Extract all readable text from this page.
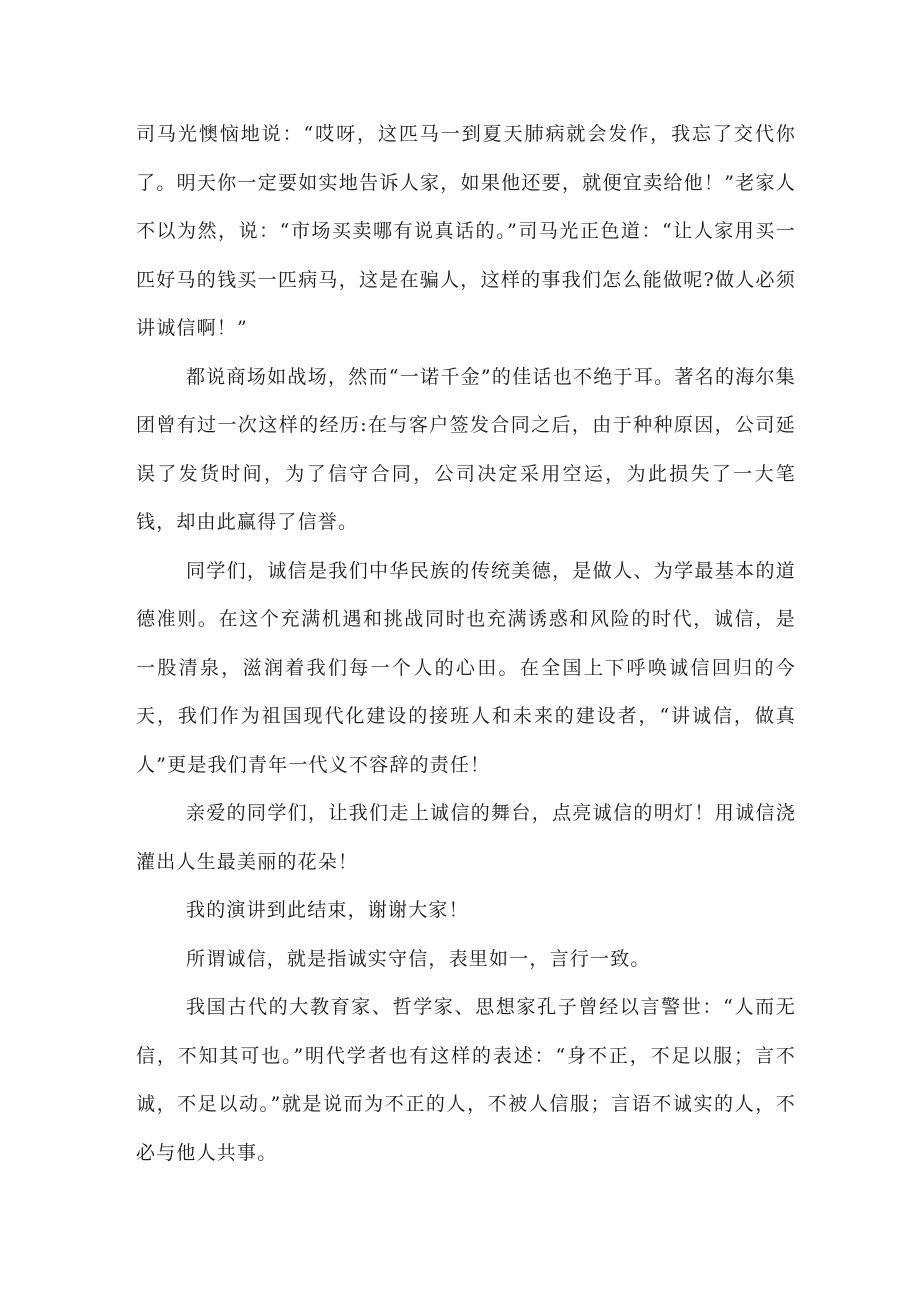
司马光懊恼地说：“哎呀，这匹马一到夏天肺病就会发作，我忘了交代你了。明天你一定要如实地告诉人家，如果他还要，就便宜卖给他！”老家人不以为然，说：“市场买卖哪有说真话的。”司马光正色道：“让人家用买一匹好马的钱买一匹病马，这是在骗人，这样的事我们怎么能做呢?做人必须讲诚信啊！”

都说商场如战场，然而“一诺千金”的佳话也不绝于耳。著名的海尔集团曾有过一次这样的经历:在与客户签发合同之后，由于种种原因，公司延误了发货时间，为了信守合同，公司决定采用空运，为此损失了一大笔钱，却由此赢得了信誉。

同学们，诚信是我们中华民族的传统美德，是做人、为学最基本的道德准则。在这个充满机遇和挑战同时也充满诱惑和风险的时代，诚信，是一股清泉，滋润着我们每一个人的心田。在全国上下呼唤诚信回归的今天，我们作为祖国现代化建设的接班人和未来的建设者，“讲诚信，做真人”更是我们青年一代义不容辞的责任！

亲爱的同学们，让我们走上诚信的舞台，点亮诚信的明灯！用诚信浇灌出人生最美丽的花朵！

我的演讲到此结束，谢谢大家！

所谓诚信，就是指诚实守信，表里如一，言行一致。

我国古代的大教育家、哲学家、思想家孔子曾经以言警世：“人而无信，不知其可也。”明代学者也有这样的表述：“身不正，不足以服；言不诚，不足以动。”就是说而为不正的人，不被人信服；言语不诚实的人，不必与他人共事。
